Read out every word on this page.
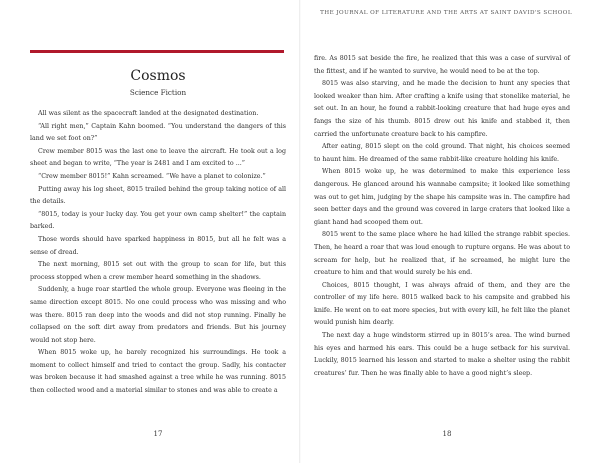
Cosmos
Science Fiction

All was silent as the spacecraft landed at the designated destination.

“All right men,” Captain Kahn boomed. “You understand the dangers of this land we set foot on?”

Crew member 8015 was the last one to leave the aircraft. He took out a log sheet and began to write, “The year is 2481 and I am excited to ...”

“Crew member 8015!” Kahn screamed. “We have a planet to colonize.”

Putting away his log sheet, 8015 trailed behind the group taking notice of all the details.

“8015, today is your lucky day. You get your own camp shelter!” the captain barked.

Those words should have sparked happiness in 8015, but all he felt was a sense of dread.

The next morning, 8015 set out with the group to scan for life, but this process stopped when a crew member heard something in the shadows.

Suddenly, a huge roar startled the whole group. Everyone was fleeing in the same direction except 8015. No one could process who was missing and who was there. 8015 ran deep into the woods and did not stop running. Finally he collapsed on the soft dirt away from predators and friends. But his journey would not stop here.

When 8015 woke up, he barely recognized his surroundings. He took a moment to collect himself and tried to contact the group. Sadly, his contacter was broken because it had smashed against a tree while he was running. 8015 then collected wood and a material similar to stones and was able to create a

17
THE JOURNAL OF LITERATURE AND THE ARTS AT SAINT DAVID'S SCHOOL

fire. As 8015 sat beside the fire, he realized that this was a case of survival of the fittest, and if he wanted to survive, he would need to be at the top.

8015 was also starving, and he made the decision to hunt any species that looked weaker than him. After crafting a knife using that stonelike material, he set out. In an hour, he found a rabbit-looking creature that had huge eyes and fangs the size of his thumb. 8015 drew out his knife and stabbed it, then carried the unfortunate creature back to his campfire.

After eating, 8015 slept on the cold ground. That night, his choices seemed to haunt him. He dreamed of the same rabbit-like creature holding his knife.

When 8015 woke up, he was determined to make this experience less dangerous. He glanced around his wannabe campsite; it looked like something was out to get him, judging by the shape his campsite was in. The campfire had seen better days and the ground was covered in large craters that looked like a giant hand had scooped them out.

8015 went to the same place where he had killed the strange rabbit species. Then, he heard a roar that was loud enough to rupture organs. He was about to scream for help, but he realized that, if he screamed, he might lure the creature to him and that would surely be his end.

Choices, 8015 thought, I was always afraid of them, and they are the controller of my life here. 8015 walked back to his campsite and grabbed his knife. He went on to eat more species, but with every kill, he felt like the planet would punish him dearly.

The next day a huge windstorm stirred up in 8015’s area. The wind burned his eyes and harmed his ears. This could be a huge setback for his survival. Luckily, 8015 learned his lesson and started to make a shelter using the rabbit creatures’ fur. Then he was finally able to have a good night’s sleep.

18
